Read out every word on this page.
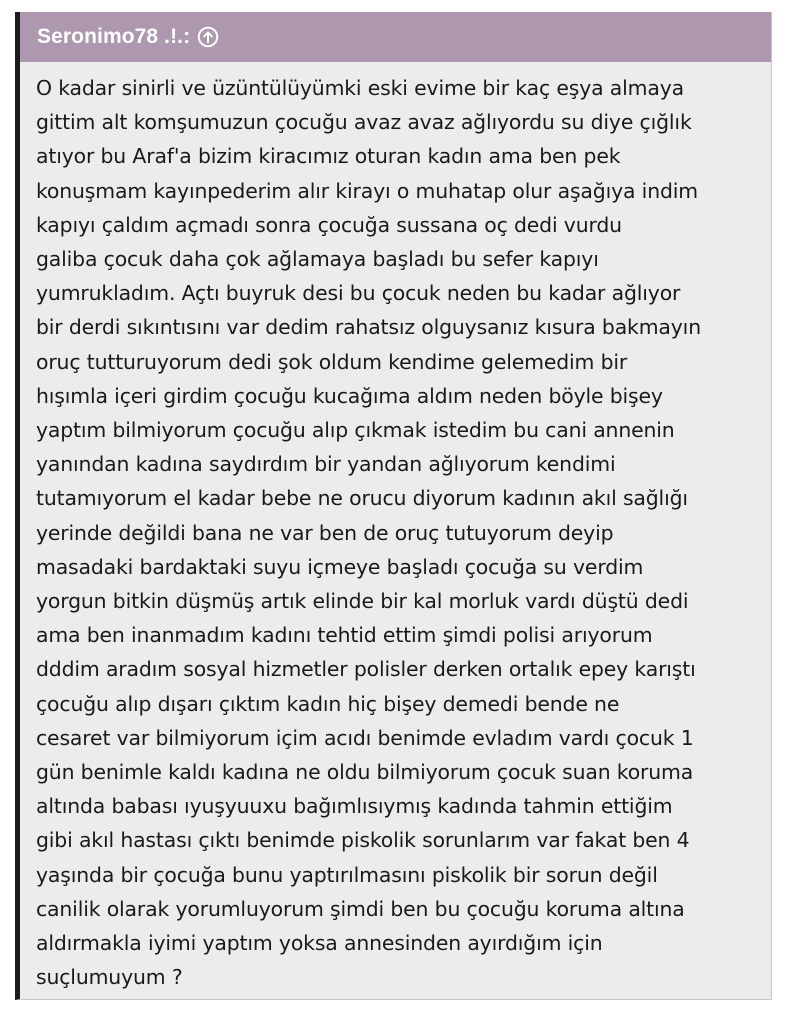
Seronimo78 .!.:
O kadar sinirli ve üzüntülüyümki eski evime bir kaç eşya almaya
gittim alt komşumuzun çocuğu avaz avaz ağlıyordu su diye çığlık
atıyor bu Araf'a bizim kiracımız oturan kadın ama ben pek
konuşmam kayınpederim alır kirayı o muhatap olur aşağıya indim
kapıyı çaldım açmadı sonra çocuğa sussana oç dedi vurdu
galiba çocuk daha çok ağlamaya başladı bu sefer kapıyı
yumrukladım. Açtı buyruk desi bu çocuk neden bu kadar ağlıyor
bir derdi sıkıntısını var dedim rahatsız olguysanız kısura bakmayın
oruç tutturuyorum dedi şok oldum kendime gelemedim bir
hışımla içeri girdim çocuğu kucağıma aldım neden böyle bişey
yaptım bilmiyorum çocuğu alıp çıkmak istedim bu cani annenin
yanından kadına saydırdım bir yandan ağlıyorum kendimi
tutamıyorum el kadar bebe ne orucu diyorum kadının akıl sağlığı
yerinde değildi bana ne var ben de oruç tutuyorum deyip
masadaki bardaktaki suyu içmeye başladı çocuğa su verdim
yorgun bitkin düşmüş artık elinde bir kal morluk vardı düştü dedi
ama ben inanmadım kadını tehtid ettim şimdi polisi arıyorum
dddim aradım sosyal hizmetler polisler derken ortalık epey karıştı
çocuğu alıp dışarı çıktım kadın hiç bişey demedi bende ne
cesaret var bilmiyorum içim acıdı benimde evladım vardı çocuk 1
gün benimle kaldı kadına ne oldu bilmiyorum çocuk suan koruma
altında babası ıyuşyuuxu bağımlısıymış kadında tahmin ettiğim
gibi akıl hastası çıktı benimde piskolik sorunlarım var fakat ben 4
yaşında bir çocuğa bunu yaptırılmasını piskolik bir sorun değil
canilik olarak yorumluyorum şimdi ben bu çocuğu koruma altına
aldırmakla iyimi yaptım yoksa annesinden ayırdığım için
suçlumuyum ?
